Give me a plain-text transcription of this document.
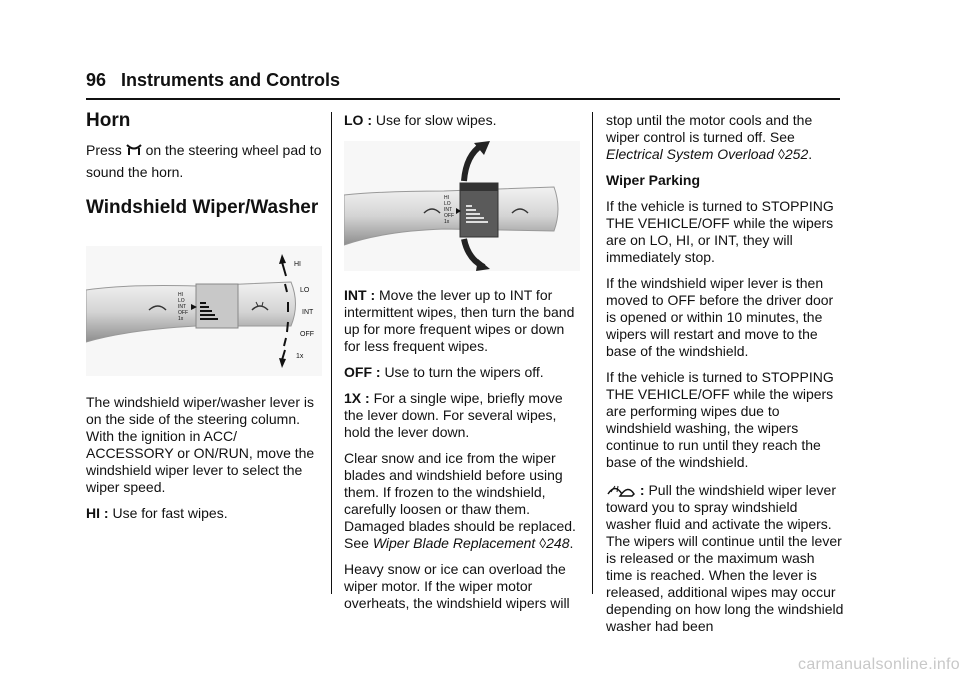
96 Instruments and Controls
Horn

Press on the steering wheel pad to sound the horn.

Windshield Wiper/Washer
HI
LO
INT
OFF
1x
HI
LO
INT
OFF
1x

The windshield wiper/washer lever is on the side of the steering column. With the ignition in ACC/ ACCESSORY or ON/RUN, move the windshield wiper lever to select the wiper speed.

HI : Use for fast wipes.

LO : Use for slow wipes.

HI
LO
INT
OFF
1x

INT : Move the lever up to INT for intermittent wipes, then turn the band up for more frequent wipes or down for less frequent wipes.

OFF : Use to turn the wipers off.

1X : For a single wipe, briefly move the lever down. For several wipes, hold the lever down.

Clear snow and ice from the wiper blades and windshield before using them. If frozen to the windshield, carefully loosen or thaw them. Damaged blades should be replaced. See Wiper Blade Replacement ◊248.

Heavy snow or ice can overload the wiper motor. If the wiper motor overheats, the windshield wipers will

stop until the motor cools and the wiper control is turned off. See Electrical System Overload ◊252.

Wiper Parking

If the vehicle is turned to STOPPING THE VEHICLE/OFF while the wipers are on LO, HI, or INT, they will immediately stop.

If the windshield wiper lever is then moved to OFF before the driver door is opened or within 10 minutes, the wipers will restart and move to the base of the windshield.

If the vehicle is turned to STOPPING THE VEHICLE/OFF while the wipers are performing wipes due to windshield washing, the wipers continue to run until they reach the base of the windshield.

: Pull the windshield wiper lever toward you to spray windshield washer fluid and activate the wipers. The wipers will continue until the lever is released or the maximum wash time is reached. When the lever is released, additional wipes may occur depending on how long the windshield washer had been

carmanualsonline.info
